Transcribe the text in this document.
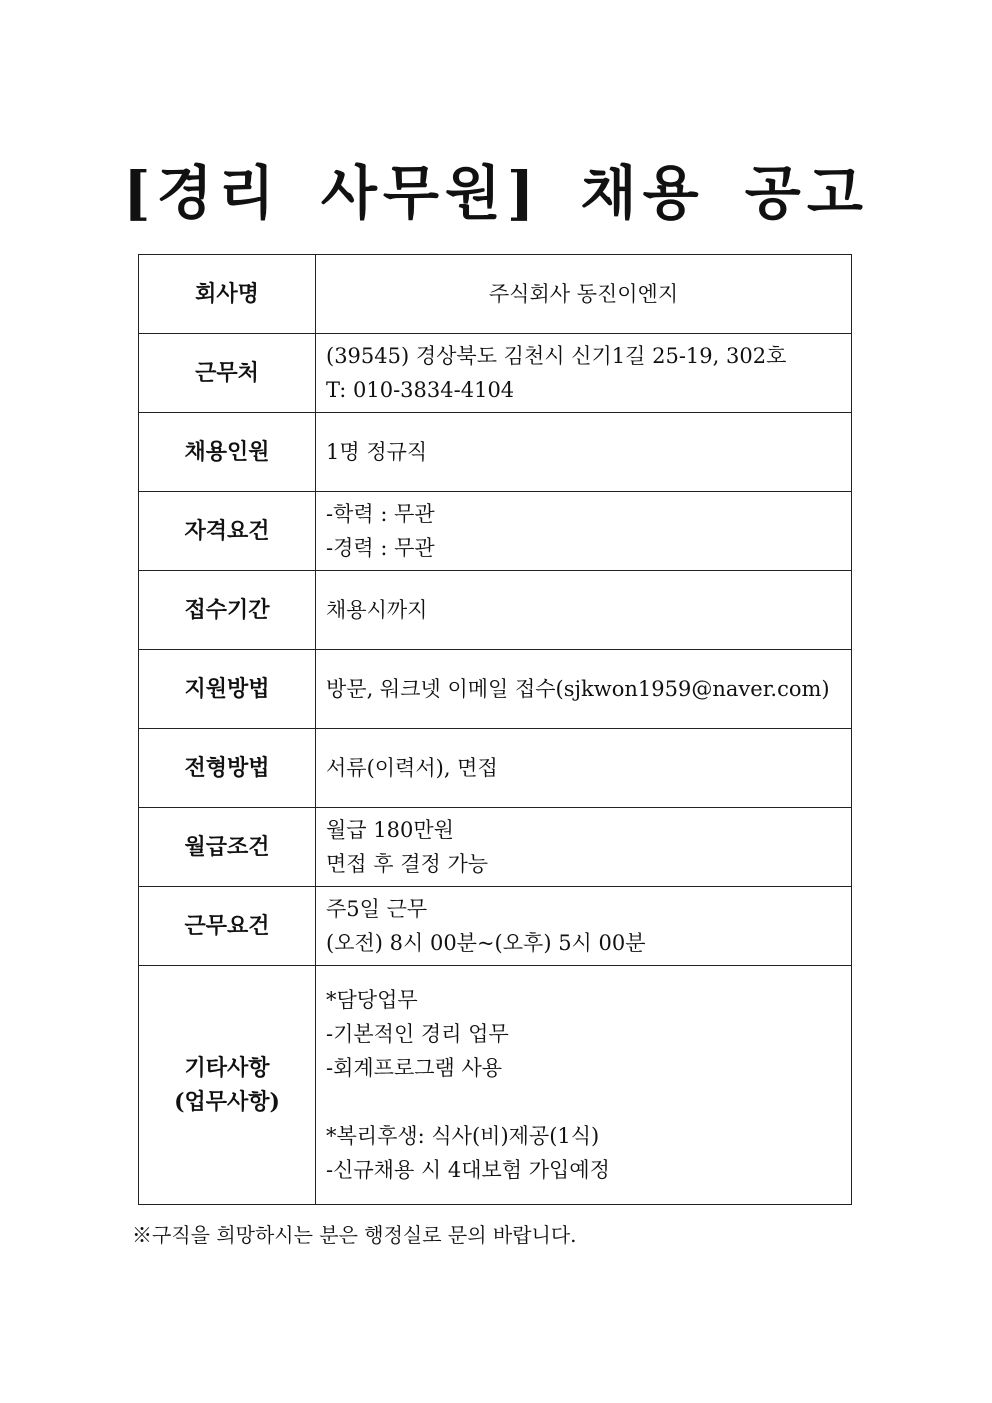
[경리 사무원] 채용 공고
회사명	주식회사 동진이엔지
근무처	(39545) 경상북도 김천시 신기1길 25-19, 302호
T: 010-3834-4104

채용인원	1명 정규직
자격요건	-학력 : 무관
-경력 : 무관

접수기간	채용시까지
지원방법	방문, 워크넷 이메일 접수(sjkwon1959@naver.com)
전형방법	서류(이력서), 면접
월급조건	월급 180만원
면접 후 결정 가능

근무요건	주5일 근무
(오전) 8시 00분~(오후) 5시 00분

기타사항
(업무사항)	*담당업무
-기본적인 경리 업무
-회계프로그램 사용
*복리후생: 식사(비)제공(1식)
-신규채용 시 4대보험 가입예정
※구직을 희망하시는 분은 행정실로 문의 바랍니다.
